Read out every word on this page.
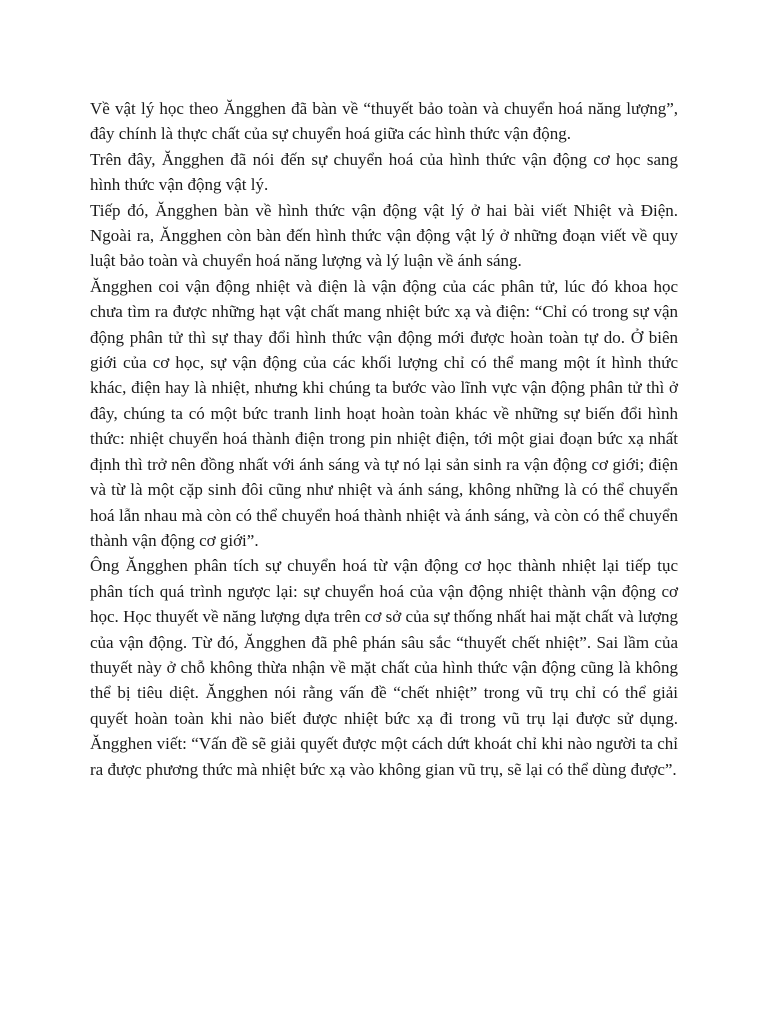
Về vật lý học theo Ăngghen đã bàn về “thuyết bảo toàn và chuyển hoá năng lượng”, đây chính là thực chất của sự chuyển hoá giữa các hình thức vận động.

Trên đây, Ăngghen đã nói đến sự chuyển hoá của hình thức vận động cơ học sang hình thức vận động vật lý.

Tiếp đó, Ăngghen bàn về hình thức vận động vật lý ở hai bài viết Nhiệt và Điện. Ngoài ra, Ăngghen còn bàn đến hình thức vận động vật lý ở những đoạn viết về quy luật bảo toàn và chuyển hoá năng lượng và lý luận về ánh sáng.

Ăngghen coi vận động nhiệt và điện là vận động của các phân tử, lúc đó khoa học chưa tìm ra được những hạt vật chất mang nhiệt bức xạ và điện: “Chỉ có trong sự vận động phân tử thì sự thay đổi hình thức vận động mới được hoàn toàn tự do. Ở biên giới của cơ học, sự vận động của các khối lượng chỉ có thể mang một ít hình thức khác, điện hay là nhiệt, nhưng khi chúng ta bước vào lĩnh vực vận động phân tử thì ở đây, chúng ta có một bức tranh linh hoạt hoàn toàn khác về những sự biến đổi hình thức: nhiệt chuyển hoá thành điện trong pin nhiệt điện, tới một giai đoạn bức xạ nhất định thì trở nên đồng nhất với ánh sáng và tự nó lại sản sinh ra vận động cơ giới; điện và từ là một cặp sinh đôi cũng như nhiệt và ánh sáng, không những là có thể chuyển hoá lẫn nhau mà còn có thể chuyển hoá thành nhiệt và ánh sáng, và còn có thể chuyển thành vận động cơ giới”.

Ông Ăngghen phân tích sự chuyển hoá từ vận động cơ học thành nhiệt lại tiếp tục phân tích quá trình ngược lại: sự chuyển hoá của vận động nhiệt thành vận động cơ học. Học thuyết về năng lượng dựa trên cơ sở của sự thống nhất hai mặt chất và lượng của vận động. Từ đó, Ăngghen đã phê phán sâu sắc “thuyết chết nhiệt”. Sai lầm của thuyết này ở chỗ không thừa nhận về mặt chất của hình thức vận động cũng là không thể bị tiêu diệt. Ăngghen nói rằng vấn đề “chết nhiệt” trong vũ trụ chỉ có thể giải quyết hoàn toàn khi nào biết được nhiệt bức xạ đi trong vũ trụ lại được sử dụng. Ăngghen viết: “Vấn đề sẽ giải quyết được một cách dứt khoát chỉ khi nào người ta chỉ ra được phương thức mà nhiệt bức xạ vào không gian vũ trụ, sẽ lại có thể dùng được”.
